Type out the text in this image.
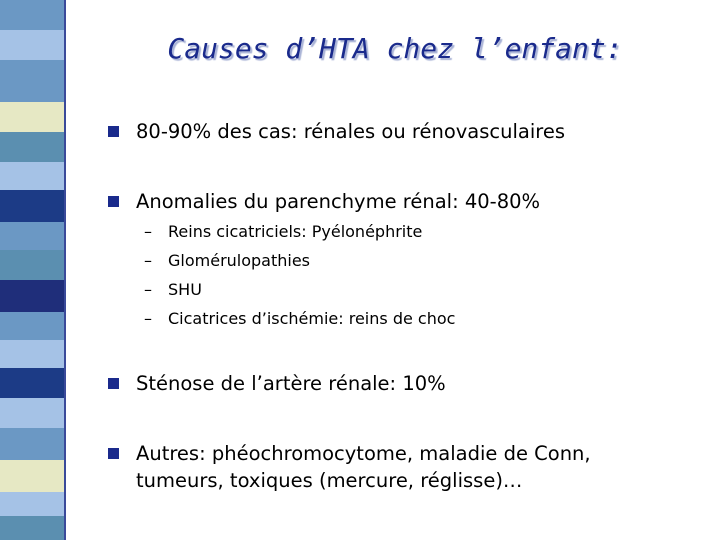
Causes d’HTA chez l’enfant:
80-90% des cas: rénales ou rénovasculaires
Anomalies du parenchyme rénal: 40-80%
–	Reins cicatriciels: Pyélonéphrite
–	Glomérulopathies
–	SHU
–	Cicatrices d’ischémie: reins de choc
Sténose de l’artère rénale: 10%
Autres: phéochromocytome, maladie de Conn,
tumeurs, toxiques (mercure, réglisse)…
